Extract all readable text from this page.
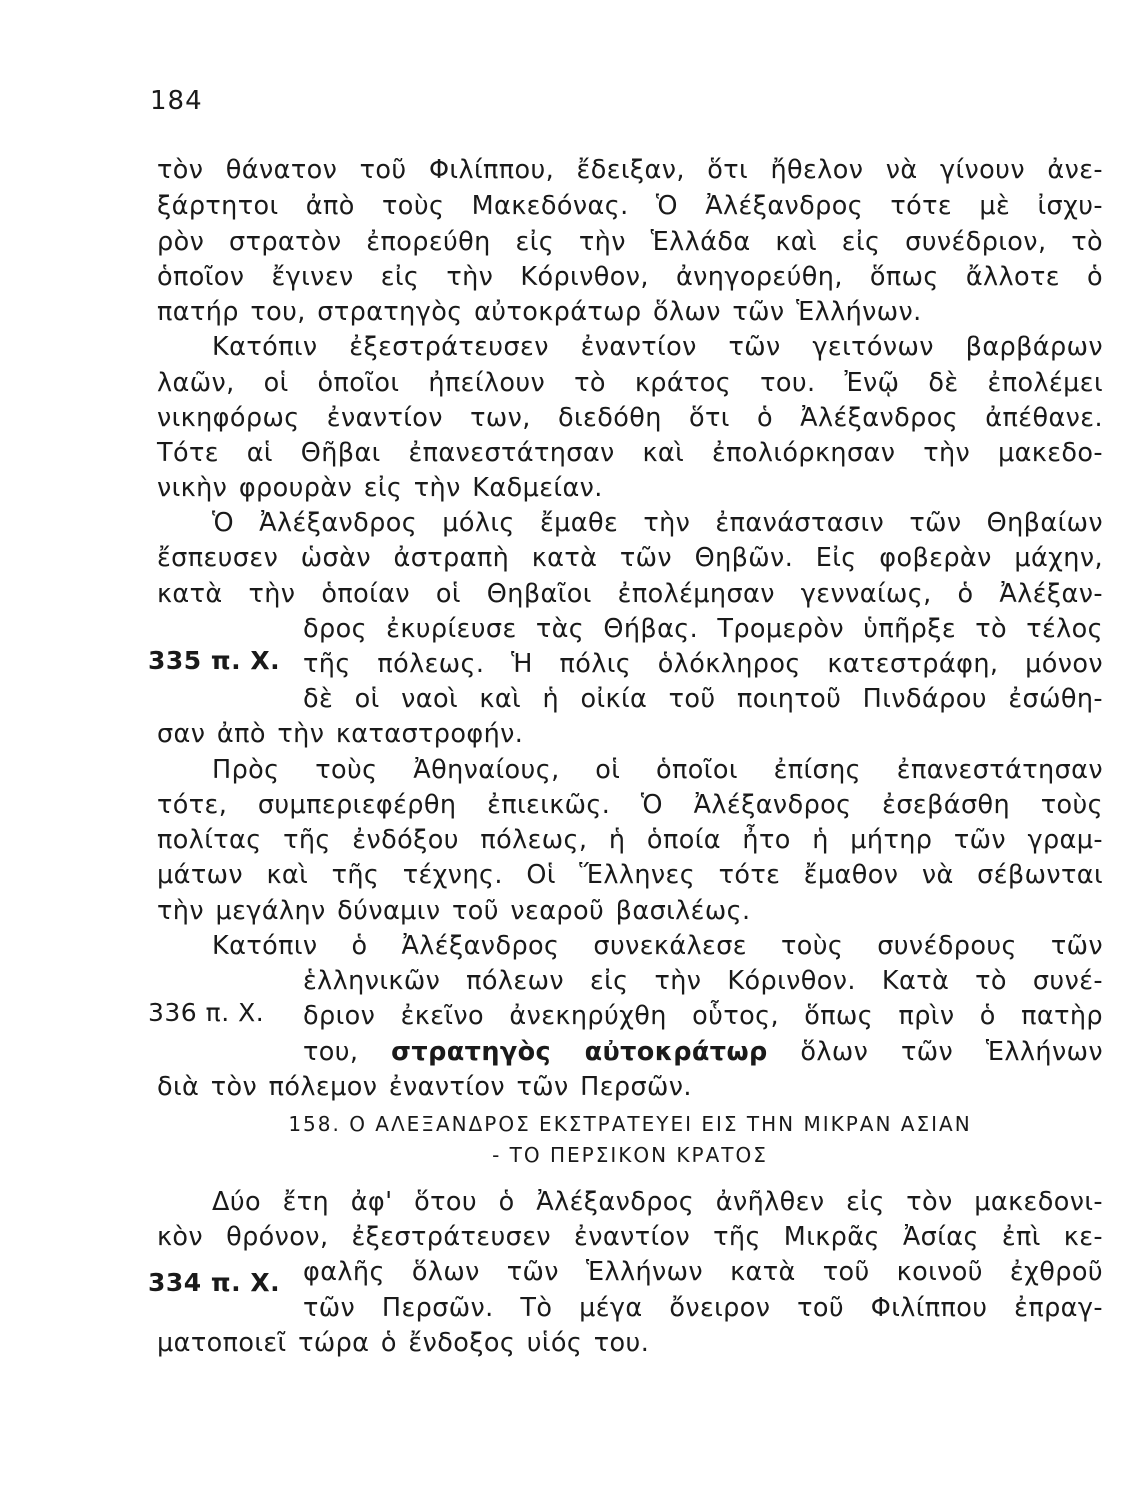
184
τὸν θάνατον τοῦ Φιλίππου, ἔδειξαν, ὅτι ἤθελον νὰ γίνουν ἀνε-
ξάρτητοι ἀπὸ τοὺς Μακεδόνας. Ὁ Ἀλέξανδρος τότε μὲ ἰσχυ-
ρὸν στρατὸν ἐπορεύθη εἰς τὴν Ἑλλάδα καὶ εἰς συνέδριον, τὸ
ὁποῖον ἔγινεν εἰς τὴν Κόρινθον, ἀνηγορεύθη, ὅπως ἄλλοτε ὁ
πατήρ του, στρατηγὸς αὐτοκράτωρ ὅλων τῶν Ἑλλήνων.
Κατόπιν ἐξεστράτευσεν ἐναντίον τῶν γειτόνων βαρβάρων
λαῶν, οἱ ὁποῖοι ἠπείλουν τὸ κράτος του. Ἐνῷ δὲ ἐπολέμει
νικηφόρως ἐναντίον των, διεδόθη ὅτι ὁ Ἀλέξανδρος ἀπέθανε.
Τότε αἱ Θῆβαι ἐπανεστάτησαν καὶ ἐπολιόρκησαν τὴν μακεδο-
νικὴν φρουρὰν εἰς τὴν Καδμείαν.
Ὁ Ἀλέξανδρος μόλις ἔμαθε τὴν ἐπανάστασιν τῶν Θηβαίων
ἔσπευσεν ὡσὰν ἀστραπὴ κατὰ τῶν Θηβῶν. Εἰς φοβερὰν μάχην,
κατὰ τὴν ὁποίαν οἱ Θηβαῖοι ἐπολέμησαν γενναίως, ὁ Ἀλέξαν-
δρος ἐκυρίευσε τὰς Θήβας. Τρομερὸν ὑπῆρξε τὸ τέλος
335 π. Χ. τῆς πόλεως. Ἡ πόλις ὁλόκληρος κατεστράφη, μόνον
δὲ οἱ ναοὶ καὶ ἡ οἰκία τοῦ ποιητοῦ Πινδάρου ἐσώθη-
σαν ἀπὸ τὴν καταστροφήν.
Πρὸς τοὺς Ἀθηναίους, οἱ ὁποῖοι ἐπίσης ἐπανεστάτησαν
τότε, συμπεριεφέρθη ἐπιεικῶς. Ὁ Ἀλέξανδρος ἐσεβάσθη τοὺς
πολίτας τῆς ἐνδόξου πόλεως, ἡ ὁποία ἦτο ἡ μήτηρ τῶν γραμ-
μάτων καὶ τῆς τέχνης. Οἱ Ἕλληνες τότε ἔμαθον νὰ σέβωνται
τὴν μεγάλην δύναμιν τοῦ νεαροῦ βασιλέως.
Κατόπιν ὁ Ἀλέξανδρος συνεκάλεσε τοὺς συνέδρους τῶν
ἑλληνικῶν πόλεων εἰς τὴν Κόρινθον. Κατὰ τὸ συνέ-
336 π. Χ. δριον ἐκεῖνο ἀνεκηρύχθη οὗτος, ὅπως πρὶν ὁ πατὴρ
του, στρατηγὸς αὐτοκράτωρ ὅλων τῶν Ἑλλήνων
διὰ τὸν πόλεμον ἐναντίον τῶν Περσῶν.
158. Ο ΑΛΕΞΑΝΔΡΟΣ ΕΚΣΤΡΑΤΕΥΕΙ ΕΙΣ ΤΗΝ ΜΙΚΡΑΝ ΑΣΙΑΝ
- ΤΟ ΠΕΡΣΙΚΟΝ ΚΡΑΤΟΣ
Δύο ἔτη ἀφ' ὅτου ὁ Ἀλέξανδρος ἀνῆλθεν εἰς τὸν μακεδονι-
κὸν θρόνον, ἐξεστράτευσεν ἐναντίον τῆς Μικρᾶς Ἀσίας ἐπὶ κε-
φαλῆς ὅλων τῶν Ἑλλήνων κατὰ τοῦ κοινοῦ ἐχθροῦ
334 π. Χ.
τῶν Περσῶν. Τὸ μέγα ὄνειρον τοῦ Φιλίππου ἐπραγ-
ματοποιεῖ τώρα ὁ ἔνδοξος υἱός του.
